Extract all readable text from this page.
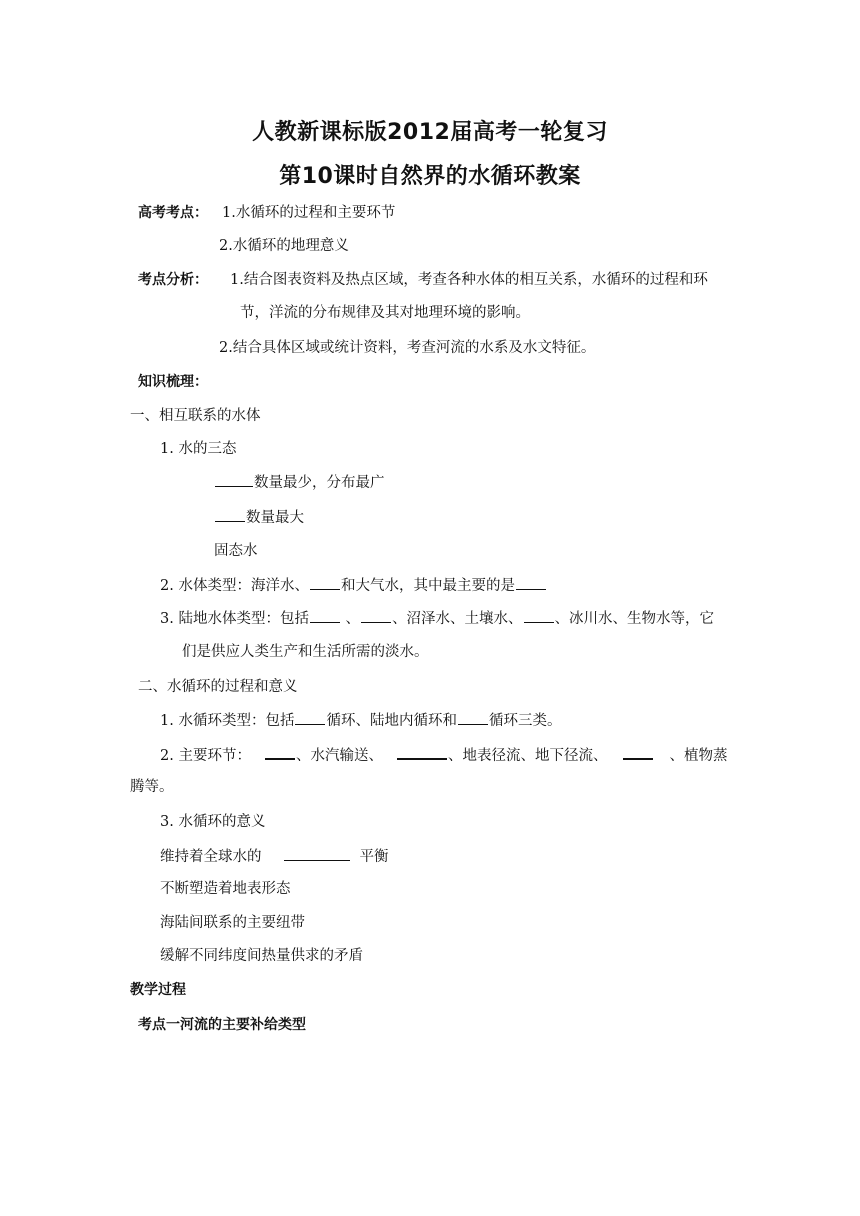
人教新课标版2012届高考一轮复习
第10课时自然界的水循环教案
高考考点： 1.水循环的过程和主要环节
2.水循环的地理意义
考点分析： 1.结合图表资料及热点区域，考查各种水体的相互关系，水循环的过程和环
节，洋流的分布规律及其对地理环境的影响。
2.结合具体区域或统计资料，考查河流的水系及水文特征。
知识梳理：
一、相互联系的水体
1. 水的三态
数量最少，分布最广
数量最大
固态水
2. 水体类型：海洋水、 和大气水，其中最主要的是
3. 陆地水体类型：包括 、 、沼泽水、土壤水、 、冰川水、生物水等，它
们是供应人类生产和生活所需的淡水。
二、水循环的过程和意义
1. 水循环类型：包括 循环、陆地内循环和 循环三类。
2. 主要环节：	、水汽输送、	、地表径流、地下径流、	、植物蒸
腾等。
3. 水循环的意义
维持着全球水的	平衡
不断塑造着地表形态
海陆间联系的主要纽带
缓解不同纬度间热量供求的矛盾
教学过程
考点一河流的主要补给类型
